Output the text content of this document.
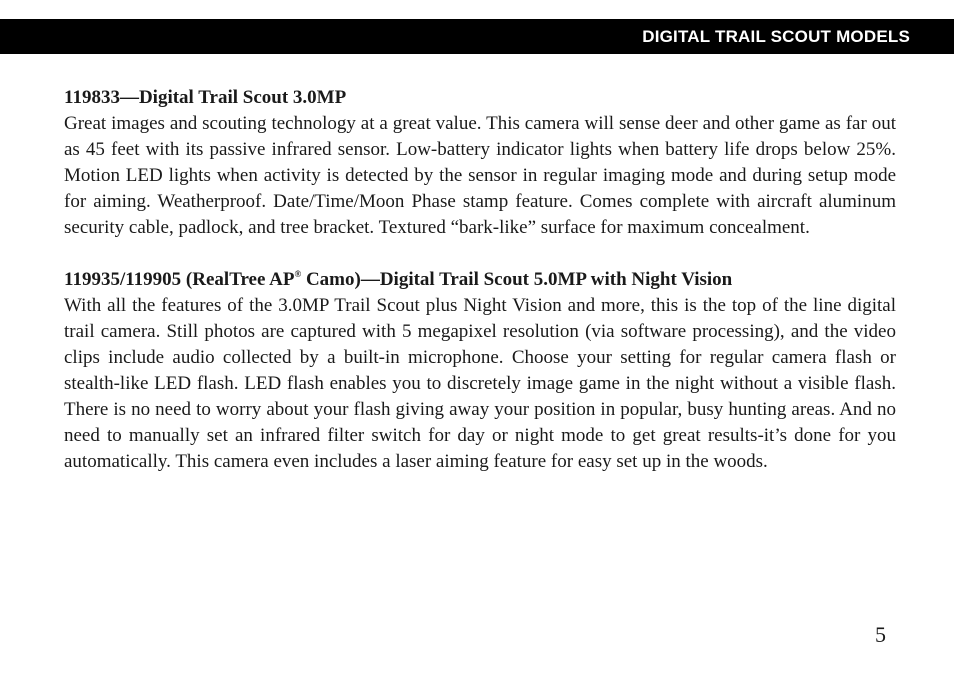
DIGITAL TRAIL SCOUT MODELS

119833—Digital Trail Scout 3.0MP

Great images and scouting technology at a great value. This camera will sense deer and other game as far out as 45 feet with its passive infrared sensor. Low-battery indicator lights when battery life drops below 25%. Motion LED lights when activity is detected by the sensor in regular imaging mode and during setup mode for aiming. Weatherproof. Date/Time/Moon Phase stamp feature. Comes complete with aircraft aluminum security cable, padlock, and tree bracket. Textured “bark-like” surface for maximum concealment.

119935/119905 (RealTree AP® Camo)—Digital Trail Scout 5.0MP with Night Vision

With all the features of the 3.0MP Trail Scout plus Night Vision and more, this is the top of the line digital trail camera. Still photos are captured with 5 megapixel resolution (via software processing), and the video clips include audio collected by a built-in microphone. Choose your setting for regular camera flash or stealth-like LED flash. LED flash enables you to discretely image game in the night without a visible flash. There is no need to worry about your flash giving away your position in popular, busy hunting areas. And no need to manually set an infrared filter switch for day or night mode to get great results-it’s done for you automatically. This camera even includes a laser aiming feature for easy set up in the woods.

5
